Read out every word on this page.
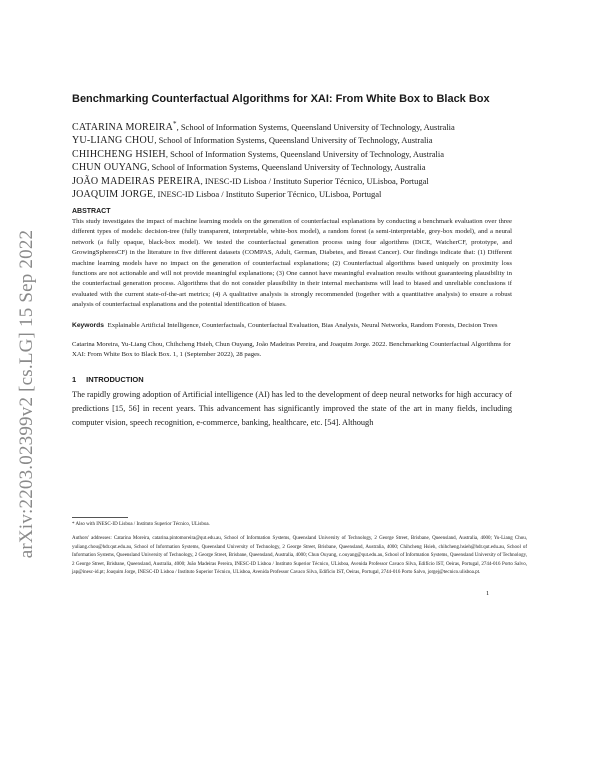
arXiv:2203.02399v2 [cs.LG] 15 Sep 2022
Benchmarking Counterfactual Algorithms for XAI: From White Box to Black Box

CATARINA MOREIRA*, School of Information Systems, Queensland University of Technology, Australia

YU-LIANG CHOU, School of Information Systems, Queensland University of Technology, Australia

CHIHCHENG HSIEH, School of Information Systems, Queensland University of Technology, Australia

CHUN OUYANG, School of Information Systems, Queensland University of Technology, Australia

JOÃO MADEIRAS PEREIRA, INESC-ID Lisboa / Instituto Superior Técnico, ULisboa, Portugal

JOAQUIM JORGE, INESC-ID Lisboa / Instituto Superior Técnico, ULisboa, Portugal

ABSTRACT

This study investigates the impact of machine learning models on the generation of counterfactual explanations by conducting a benchmark evaluation over three different types of models: decision-tree (fully transparent, interpretable, white-box model), a random forest (a semi-interpretable, grey-box model), and a neural network (a fully opaque, black-box model). We tested the counterfactual generation process using four algorithms (DiCE, WatcherCF, prototype, and GrowingSpheresCF) in the literature in five different datasets (COMPAS, Adult, German, Diabetes, and Breast Cancer). Our findings indicate that: (1) Different machine learning models have no impact on the generation of counterfactual explanations; (2) Counterfactual algorithms based uniquely on proximity loss functions are not actionable and will not provide meaningful explanations; (3) One cannot have meaningful evaluation results without guaranteeing plausibility in the counterfactual generation process. Algorithms that do not consider plausibility in their internal mechanisms will lead to biased and unreliable conclusions if evaluated with the current state-of-the-art metrics; (4) A qualitative analysis is strongly recommended (together with a quantitative analysis) to ensure a robust analysis of counterfactual explanations and the potential identification of biases.

Keywords Explainable Artificial Intelligence, Counterfactuals, Counterfactual Evaluation, Bias Analysis, Neural Networks, Random Forests, Decision Trees

Catarina Moreira, Yu-Liang Chou, Chihcheng Hsieh, Chun Ouyang, João Madeiras Pereira, and Joaquim Jorge. 2022. Benchmarking Counterfactual Algorithms for XAI: From White Box to Black Box. 1, 1 (September 2022), 28 pages.

1 INTRODUCTION

The rapidly growing adoption of Artificial intelligence (AI) has led to the development of deep neural networks for high accuracy of predictions [15, 56] in recent years. This advancement has significantly improved the state of the art in many fields, including computer vision, speech recognition, e-commerce, banking, healthcare, etc. [54]. Although

* Also with INESC-ID Lisboa / Instituto Superior Técnico, ULisboa.

Authors' addresses: Catarina Moreira, catarina.pintomoreira@qut.edu.au, School of Information Systems, Queensland University of Technology, 2 George Street, Brisbane, Queensland, Australia, 4000; Yu-Liang Chou, yuliang.chou@hdr.qut.edu.au, School of Information Systems, Queensland University of Technology, 2 George Street, Brisbane, Queensland, Australia, 4000; Chihcheng Hsieh, chihcheng.hsieh@hdr.qut.edu.au, School of Information Systems, Queensland University of Technology, 2 George Street, Brisbane, Queensland, Australia, 4000; Chun Ouyang, c.ouyang@qut.edu.au, School of Information Systems, Queensland University of Technology, 2 George Street, Brisbane, Queensland, Australia, 4000; João Madeiras Pereira, INESC-ID Lisboa / Instituto Superior Técnico, ULisboa, Avenida Professor Cavaco Silva, Edifício IST, Oeiras, Portugal, 2744-016 Porto Salvo, jap@inesc-id.pt; Joaquim Jorge, INESC-ID Lisboa / Instituto Superior Técnico, ULisboa, Avenida Professor Cavaco Silva, Edifício IST, Oeiras, Portugal, 2744-016 Porto Salvo, jorgej@tecnico.ulisboa.pt.

1
